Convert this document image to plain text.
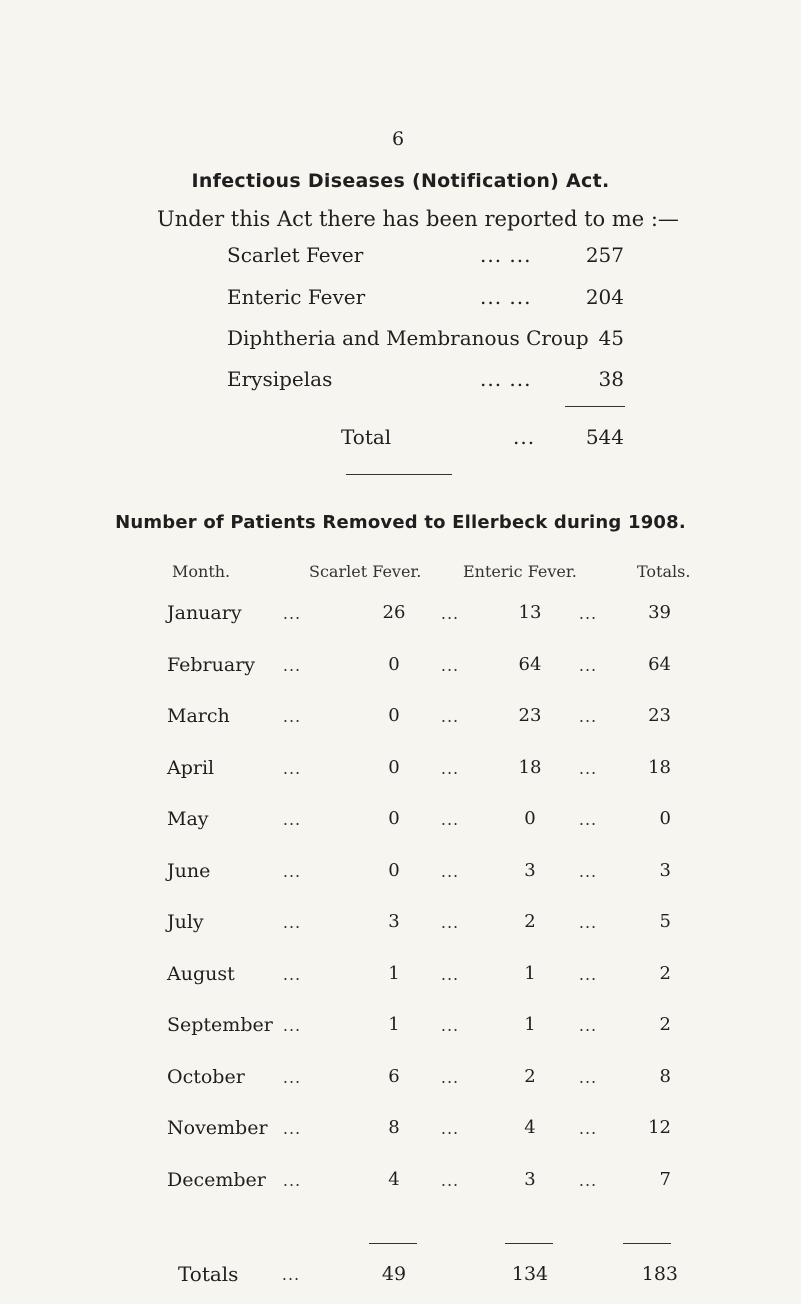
6
Infectious Diseases (Notification) Act.
Under this Act there has been reported to me :—
Scarlet Fever	... ...	257
Enteric Fever	... ...	204
Diphtheria and Membranous Croup 45
Erysipelas	... ...	38
Total	...	544
Number of Patients Removed to Ellerbeck during 1908.
Month.	Scarlet Fever.	Enteric Fever.	Totals.
January	...	26	...	13	...	39
February	...	0	...	64	...	64
March	...	0	...	23	...	23
April	...	0	...	18	...	18
May	...	0	...	0	...	0
June	...	0	...	3	...	3
July	...	3	...	2	...	5
August	...	1	...	1	...	2
September ...	1	...	1	...	2
October	...	6	...	2	...	8
November ...	8	...	4	...	12
December	...	4	...	3	...	7
Totals	...	49	134	183
